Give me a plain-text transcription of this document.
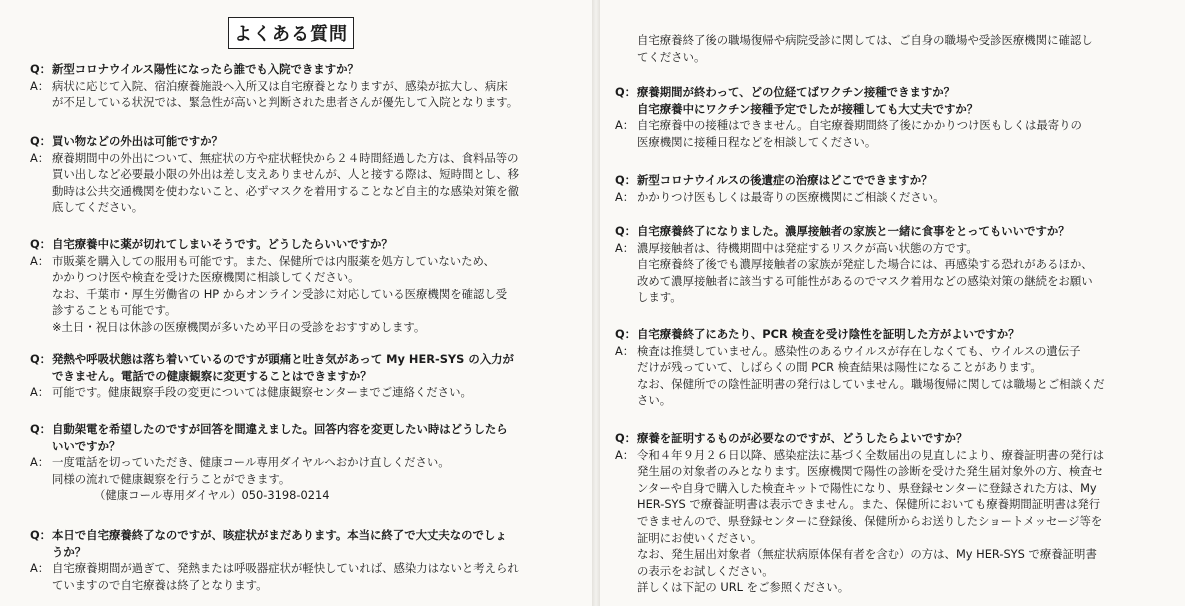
よくある質問
Q： 新型コロナウイルス陽性になったら誰でも入院できますか？
A： 病状に応じて入院、宿泊療養施設へ入所又は自宅療養となりますが、感染が拡大し、病床
が不足している状況では、緊急性が高いと判断された患者さんが優先して入院となります。
Q： 買い物などの外出は可能ですか？
A： 療養期間中の外出について、無症状の方や症状軽快から２４時間経過した方は、食料品等の
買い出しなど必要最小限の外出は差し支えありませんが、人と接する際は、短時間とし、移
動時は公共交通機関を使わないこと、必ずマスクを着用することなど自主的な感染対策を徹
底してください。
Q： 自宅療養中に薬が切れてしまいそうです。どうしたらいいですか？
A： 市販薬を購入しての服用も可能です。また、保健所では内服薬を処方していないため、
かかりつけ医や検査を受けた医療機関に相談してください。
なお、千葉市・厚生労働省の HP からオンライン受診に対応している医療機関を確認し受
診することも可能です。
※土日・祝日は休診の医療機関が多いため平日の受診をおすすめします。
Q： 発熱や呼吸状態は落ち着いているのですが頭痛と吐き気があって My HER-SYS の入力が
できません。電話での健康観察に変更することはできますか？
A： 可能です。健康観察手段の変更については健康観察センターまでご連絡ください。
Q： 自動架電を希望したのですが回答を間違えました。回答内容を変更したい時はどうしたら
いいですか？
A： 一度電話を切っていただき、健康コール専用ダイヤルへおかけ直しください。
同様の流れで健康観察を行うことができます。
（健康コール専用ダイヤル）050-3198-0214
Q： 本日で自宅療養終了なのですが、咳症状がまだあります。本当に終了で大丈夫なのでしょ
うか？
A： 自宅療養期間が過ぎて、発熱または呼吸器症状が軽快していれば、感染力はないと考えられ
ていますので自宅療養は終了となります。
自宅療養終了後の職場復帰や病院受診に関しては、ご自身の職場や受診医療機関に確認し
てください。
Q： 療養期間が終わって、どの位経てばワクチン接種できますか？
自宅療養中にワクチン接種予定でしたが接種しても大丈夫ですか？
A： 自宅療養中の接種はできません。自宅療養期間終了後にかかりつけ医もしくは最寄りの
医療機関に接種日程などを相談してください。
Q： 新型コロナウイルスの後遺症の治療はどこでできますか？
A： かかりつけ医もしくは最寄りの医療機関にご相談ください。
Q： 自宅療養終了になりました。濃厚接触者の家族と一緒に食事をとってもいいですか？
A： 濃厚接触者は、待機期間中は発症するリスクが高い状態の方です。
自宅療養終了後でも濃厚接触者の家族が発症した場合には、再感染する恐れがあるほか、
改めて濃厚接触者に該当する可能性があるのでマスク着用などの感染対策の継続をお願い
します。
Q： 自宅療養終了にあたり、PCR 検査を受け陰性を証明した方がよいですか？
A： 検査は推奨していません。感染性のあるウイルスが存在しなくても、ウイルスの遺伝子
だけが残っていて、しばらくの間 PCR 検査結果は陽性になることがあります。
なお、保健所での陰性証明書の発行はしていません。職場復帰に関しては職場とご相談くだ
さい。
Q： 療養を証明するものが必要なのですが、どうしたらよいですか？
A： 令和４年９月２６日以降、感染症法に基づく全数届出の見直しにより、療養証明書の発行は
発生届の対象者のみとなります。医療機関で陽性の診断を受けた発生届対象外の方、検査セ
ンターや自身で購入した検査キットで陽性になり、県登録センターに登録された方は、My
HER-SYS で療養証明書は表示できません。また、保健所においても療養期間証明書は発行
できませんので、県登録センターに登録後、保健所からお送りしたショートメッセージ等を
証明にお使いください。
なお、発生届出対象者（無症状病原体保有者を含む）の方は、My HER-SYS で療養証明書
の表示をお試しください。
詳しくは下記の URL をご参照ください。
